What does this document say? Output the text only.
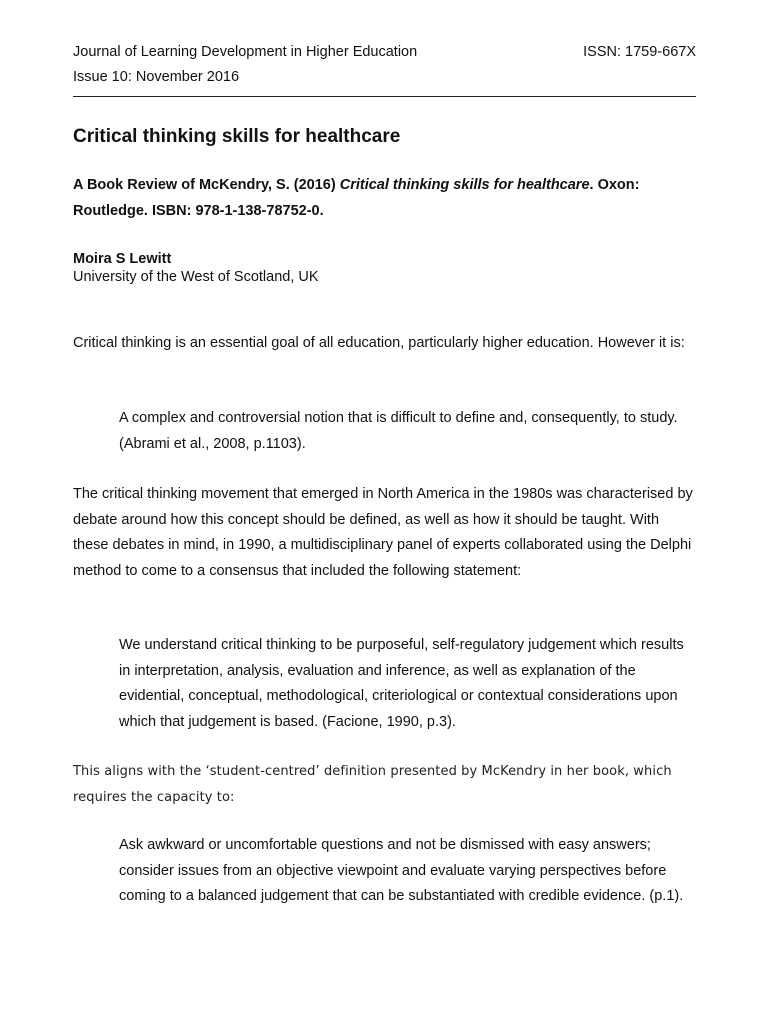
Journal of Learning Development in Higher Education	ISSN: 1759-667X
Issue 10: November 2016
Critical thinking skills for healthcare
A Book Review of McKendry, S. (2016) Critical thinking skills for healthcare. Oxon: Routledge. ISBN: 978-1-138-78752-0.
Moira S Lewitt
University of the West of Scotland, UK

Critical thinking is an essential goal of all education, particularly higher education. However it is:

A complex and controversial notion that is difficult to define and, consequently, to study. (Abrami et al., 2008, p.1103).

The critical thinking movement that emerged in North America in the 1980s was characterised by debate around how this concept should be defined, as well as how it should be taught. With these debates in mind, in 1990, a multidisciplinary panel of experts collaborated using the Delphi method to come to a consensus that included the following statement:

We understand critical thinking to be purposeful, self-regulatory judgement which results in interpretation, analysis, evaluation and inference, as well as explanation of the evidential, conceptual, methodological, criteriological or contextual considerations upon which that judgement is based. (Facione, 1990, p.3).

This aligns with the ‘student-centred’ definition presented by McKendry in her book, which requires the capacity to:

Ask awkward or uncomfortable questions and not be dismissed with easy answers; consider issues from an objective viewpoint and evaluate varying perspectives before coming to a balanced judgement that can be substantiated with credible evidence. (p.1).
